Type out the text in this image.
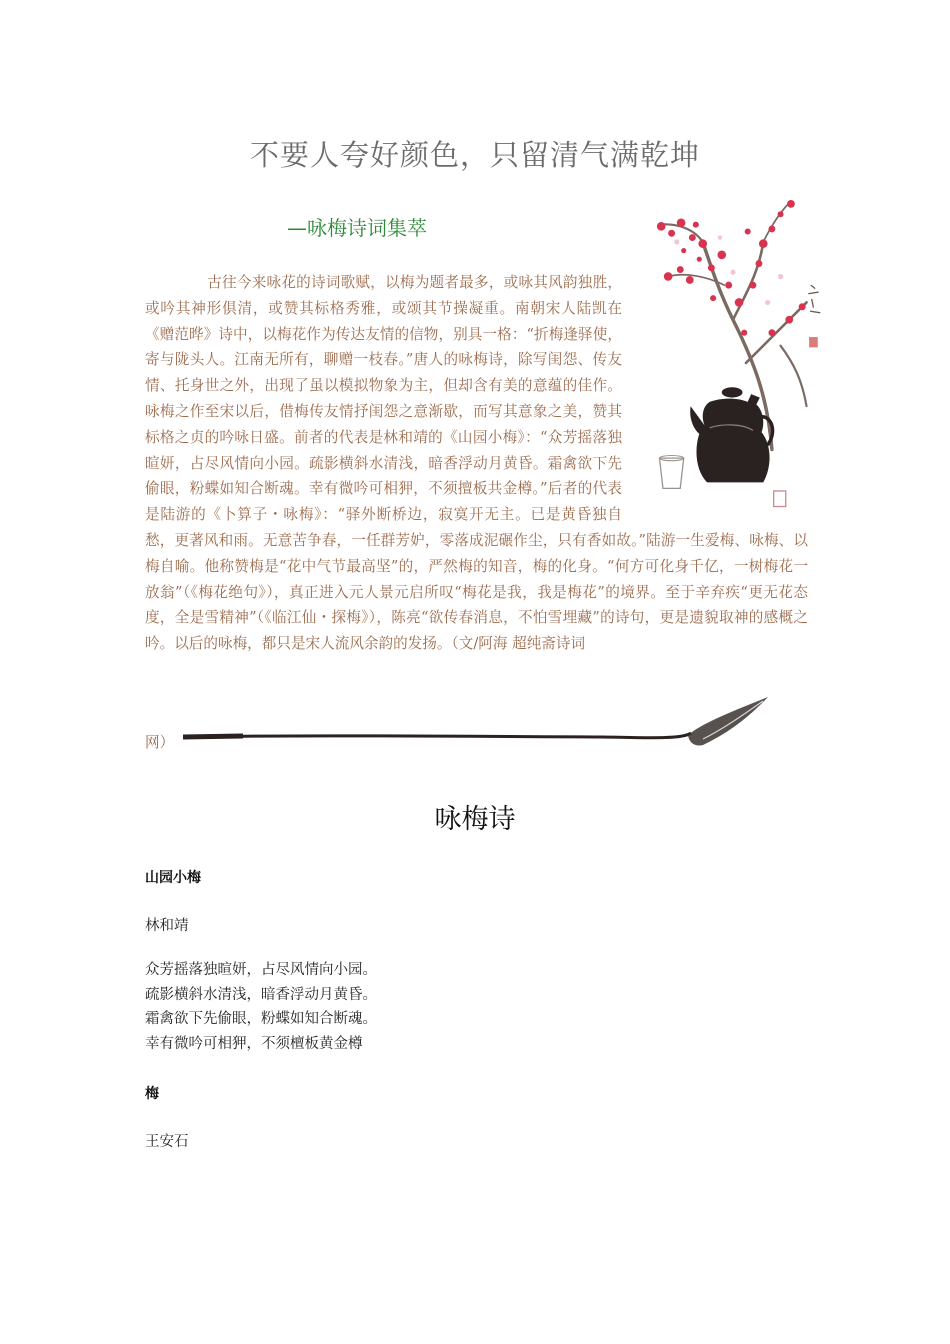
不要人夸好颜色，只留清气满乾坤
—咏梅诗词集萃
古往今来咏花的诗词歌赋，以梅为题者最多，或咏其风韵独胜，或吟其神形俱清，或赞其标格秀雅，或颂其节操凝重。南朝宋人陆凯在《赠范晔》诗中，以梅花作为传达友情的信物，别具一格：“折梅逢驿使，寄与陇头人。江南无所有，聊赠一枝春。”唐人的咏梅诗，除写闺怨、传友情、托身世之外，出现了虽以模拟物象为主，但却含有美的意蕴的佳作。咏梅之作至宋以后，借梅传友情抒闺怨之意渐歇，而写其意象之美，赞其标格之贞的吟咏日盛。前者的代表是林和靖的《山园小梅》：“众芳摇落独暄妍，占尽风情向小园。疏影横斜水清浅，暗香浮动月黄昏。霜禽欲下先偷眼，粉蝶如知合断魂。幸有微吟可相狎，不须擅板共金樽。”后者的代表是陆游的《卜算子・咏梅》：“驿外断桥边，寂寞开无主。已是黄昏独自愁，更著风和雨。无意苦争春，一任群芳妒，零落成泥碾作尘，只有香如故。”陆游一生爱梅、咏梅、以梅自喻。他称赞梅是“花中气节最高坚”的，严然梅的知音，梅的化身。“何方可化身千亿，一树梅花一放翁”（《梅花绝句》），真正进入元人景元启所叹“梅花是我，我是梅花”的境界。至于辛弃疾“更无花态度，全是雪精神”（《临江仙・探梅》），陈亮“欲传春消息，不怕雪埋藏”的诗句，更是遗貌取神的感概之吟。以后的咏梅，都只是宋人流风余韵的发扬。（文/阿海 超纯斋诗词
网）
咏梅诗
山园小梅
林和靖
众芳摇落独暄妍，占尽风情向小园。
疏影横斜水清浅，暗香浮动月黄昏。
霜禽欲下先偷眼，粉蝶如知合断魂。
幸有微吟可相狎，不须檀板黄金樽
梅
王安石
